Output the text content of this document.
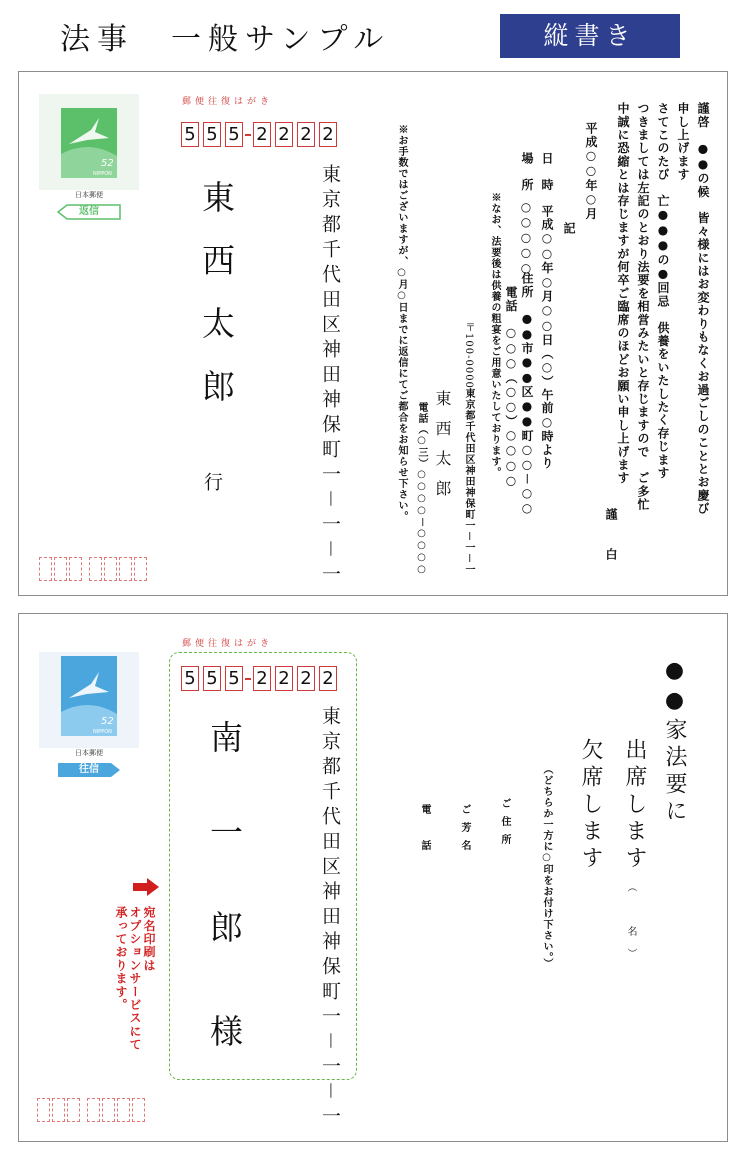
法事　一般サンプル	縦書き
52
NIPPON
日本郵便
返信
郵便往復はがき
5 5 5 2 2 2 2
東京都千代田区神田神保町一－一－一
東西太郎
行	※お手数ではございますが、○月○日までに返信にてご都合をお知らせ下さい。	謹啓　●●の候　皆々様にはお変わりもなくお過ごしのこととお慶び
申し上げます
さてこのたび　亡●●●の●回忌　供養をいたしたく存じます
つきましては左記のとおり法要を相営みたいと存じますので　ご多忙
中誠に恐縮とは存じますが何卒ご臨席のほどお願い申し上げます
謹　白
平成○○年○月
記
日　時　平成○○年○月○○日（○）午前○時より
場　所
○○○○○
住所　●●市●●区●●町○○－○○
電話　○○○（○○）○○○○
※なお、法要後は供養の粗宴をご用意いたしております。
〒100-0000
東京都千代田区神田神保町一－一－一
東西太郎
電話（○三）○○○○－○○○○
52
NIPPON
日本郵便
往信
郵便往復はがき
5 5 5 2 2 2 2
東京都千代田区神田神保町一－一－一
南一郎
様
宛名印刷は
オプションサービスにて
承っております。
●●家法要に
出席します
欠席します
（　名）
（どちらか一方に○印をお付け下さい。）
ご住所
ご芳名
電　話
